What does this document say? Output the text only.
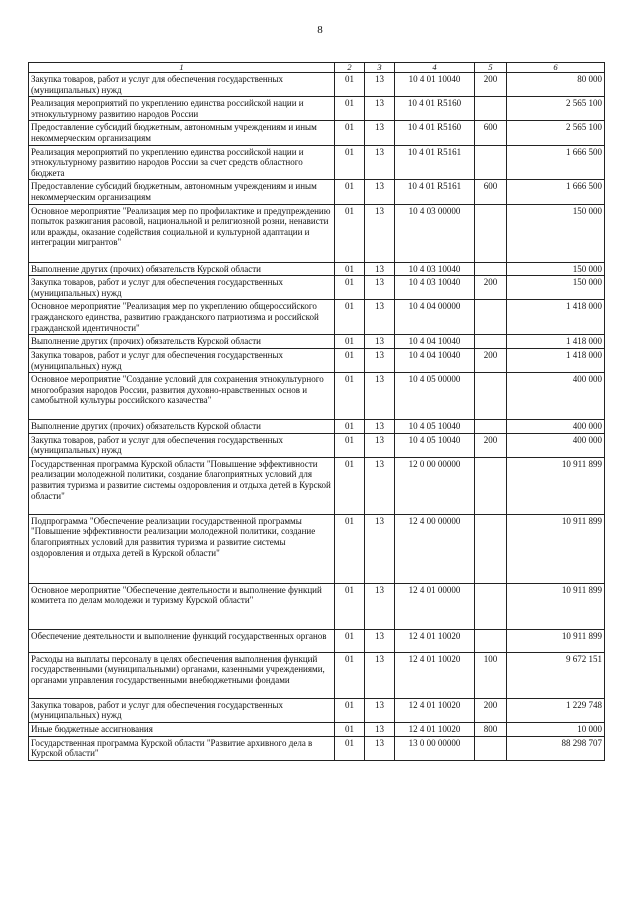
8
1	2	3	4	5	6
Закупка товаров, работ и услуг для обеспечения государственных (муниципальных) нужд	01	13	10 4 01 10040	200	80 000
Реализация мероприятий по укреплению единства российской нации и этнокультурному развитию народов России	01	13	10 4 01 R5160		2 565 100
Предоставление субсидий бюджетным, автономным учреждениям и иным некоммерческим организациям	01	13	10 4 01 R5160	600	2 565 100
Реализация мероприятий по укреплению единства российской нации и этнокультурному развитию народов России за счет средств областного бюджета	01	13	10 4 01 R5161		1 666 500
Предоставление субсидий бюджетным, автономным учреждениям и иным некоммерческим организациям	01	13	10 4 01 R5161	600	1 666 500
Основное мероприятие "Реализация мер по профилактике и предупреждению попыток разжигания расовой, национальной и религиозной розни, ненависти или вражды, оказание содействия социальной и культурной адаптации и интеграции мигрантов"	01	13	10 4 03 00000		150 000
Выполнение других (прочих) обязательств Курской области	01	13	10 4 03 10040		150 000
Закупка товаров, работ и услуг для обеспечения государственных (муниципальных) нужд	01	13	10 4 03 10040	200	150 000
Основное мероприятие "Реализация мер по укреплению общероссийского гражданского единства, развитию гражданского патриотизма и российской гражданской идентичности"	01	13	10 4 04 00000		1 418 000
Выполнение других (прочих) обязательств Курской области	01	13	10 4 04 10040		1 418 000
Закупка товаров, работ и услуг для обеспечения государственных (муниципальных) нужд	01	13	10 4 04 10040	200	1 418 000
Основное мероприятие "Создание условий для сохранения этнокультурного многообразия народов России, развития духовно-нравственных основ и самобытной культуры российского казачества"	01	13	10 4 05 00000		400 000
Выполнение других (прочих) обязательств Курской области	01	13	10 4 05 10040		400 000
Закупка товаров, работ и услуг для обеспечения государственных (муниципальных) нужд	01	13	10 4 05 10040	200	400 000
Государственная программа Курской области "Повышение эффективности реализации молодежной политики, создание благоприятных условий для развития туризма и развитие системы оздоровления и отдыха детей в Курской области"	01	13	12 0 00 00000		10 911 899
Подпрограмма "Обеспечение реализации государственной программы "Повышение эффективности реализации молодежной политики, создание благоприятных условий для развития туризма и развитие системы оздоровления и отдыха детей в Курской области"	01	13	12 4 00 00000		10 911 899
Основное мероприятие "Обеспечение деятельности и выполнение функций комитета по делам молодежи и туризму Курской области"	01	13	12 4 01 00000		10 911 899
Обеспечение деятельности и выполнение функций государственных органов	01	13	12 4 01 10020		10 911 899
Расходы на выплаты персоналу в целях обеспечения выполнения функций государственными (муниципальными) органами, казенными учреждениями, органами управления государственными внебюджетными фондами	01	13	12 4 01 10020	100	9 672 151
Закупка товаров, работ и услуг для обеспечения государственных (муниципальных) нужд	01	13	12 4 01 10020	200	1 229 748
Иные бюджетные ассигнования	01	13	12 4 01 10020	800	10 000
Государственная программа Курской области "Развитие архивного дела в Курской области"	01	13	13 0 00 00000		88 298 707
